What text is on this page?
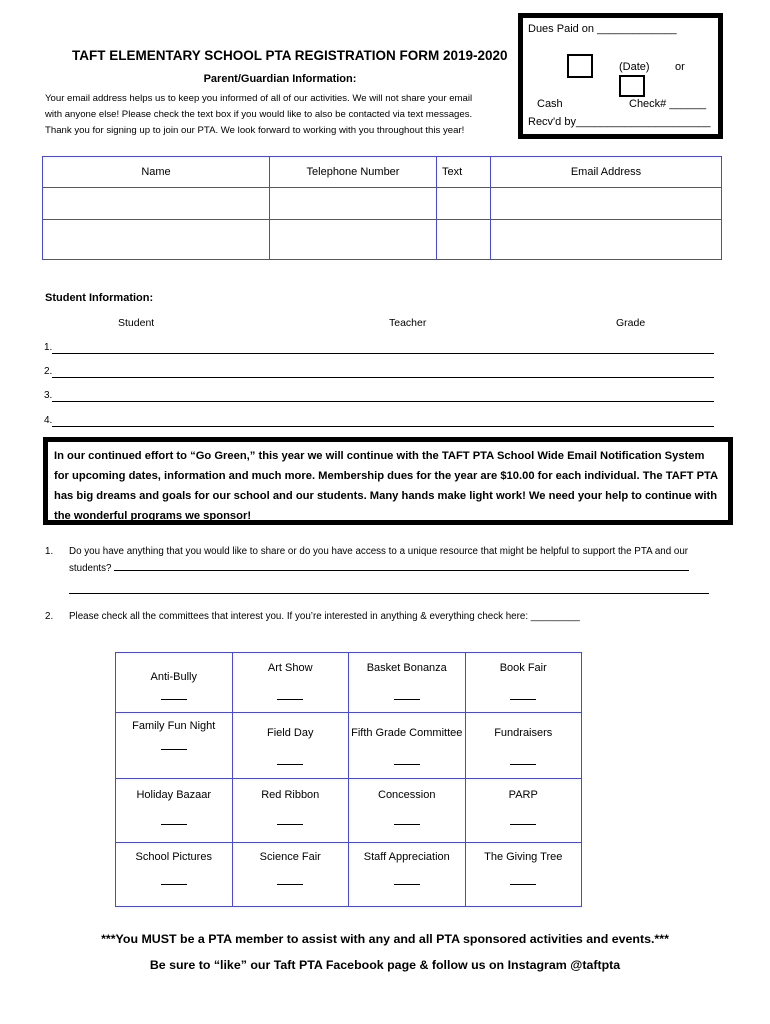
Dues Paid on _____________
(Date) or
Cash	Check# ______
Recv'd by______________________
TAFT ELEMENTARY SCHOOL PTA REGISTRATION FORM 2019-2020
Parent/Guardian Information:
Your email address helps us to keep you informed of all of our activities. We will not share your email
with anyone else! Please check the text box if you would like to also be contacted via text messages.
Thank you for signing up to join our PTA. We look forward to working with you throughout this year!
Name	Telephone Number	Text	Email Address

Student Information:
Student	Teacher	Grade
1.
2.
3.
4.
In our continued effort to “Go Green,” this year we will continue with the TAFT PTA School Wide Email Notification System for upcoming dates, information and much more. Membership dues for the year are $10.00 for each individual. The TAFT PTA has big dreams and goals for our school and our students. Many hands make light work! We need your help to continue with the wonderful programs we sponsor!
1. Do you have anything that you would like to share or do you have access to a unique resource that might be helpful to support the PTA and our students?
2. Please check all the committees that interest you. If you’re interested in anything & everything check here: _________
Anti-Bully	Art Show	Basket Bonanza	Book Fair

Family Fun Night	Field Day	Fifth Grade Committee	Fundraisers

Holiday Bazaar	Red Ribbon	Concession	PARP

School Pictures	Science Fair	Staff Appreciation	The Giving Tree
***You MUST be a PTA member to assist with any and all PTA sponsored activities and events.***
Be sure to “like” our Taft PTA Facebook page & follow us on Instagram @taftpta
